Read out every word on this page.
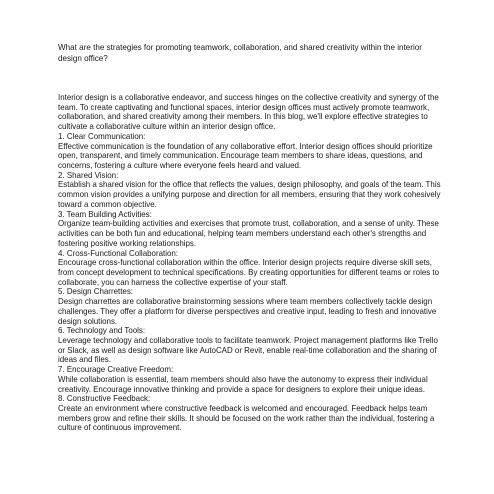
What are the strategies for promoting teamwork, collaboration, and shared creativity within the interior design office?

Interior design is a collaborative endeavor, and success hinges on the collective creativity and synergy of the team. To create captivating and functional spaces, interior design offices must actively promote teamwork, collaboration, and shared creativity among their members. In this blog, we'll explore effective strategies to cultivate a collaborative culture within an interior design office.

1. Clear Communication:

Effective communication is the foundation of any collaborative effort. Interior design offices should prioritize open, transparent, and timely communication. Encourage team members to share ideas, questions, and concerns, fostering a culture where everyone feels heard and valued.

2. Shared Vision:

Establish a shared vision for the office that reflects the values, design philosophy, and goals of the team. This common vision provides a unifying purpose and direction for all members, ensuring that they work cohesively toward a common objective.

3. Team Building Activities:

Organize team-building activities and exercises that promote trust, collaboration, and a sense of unity. These activities can be both fun and educational, helping team members understand each other's strengths and fostering positive working relationships.

4. Cross-Functional Collaboration:

Encourage cross-functional collaboration within the office. Interior design projects require diverse skill sets, from concept development to technical specifications. By creating opportunities for different teams or roles to collaborate, you can harness the collective expertise of your staff.

5. Design Charrettes:

Design charrettes are collaborative brainstorming sessions where team members collectively tackle design challenges. They offer a platform for diverse perspectives and creative input, leading to fresh and innovative design solutions.

6. Technology and Tools:

Leverage technology and collaborative tools to facilitate teamwork. Project management platforms like Trello or Slack, as well as design software like AutoCAD or Revit, enable real-time collaboration and the sharing of ideas and files.

7. Encourage Creative Freedom:

While collaboration is essential, team members should also have the autonomy to express their individual creativity. Encourage innovative thinking and provide a space for designers to explore their unique ideas.

8. Constructive Feedback:

Create an environment where constructive feedback is welcomed and encouraged. Feedback helps team members grow and refine their skills. It should be focused on the work rather than the individual, fostering a culture of continuous improvement.
